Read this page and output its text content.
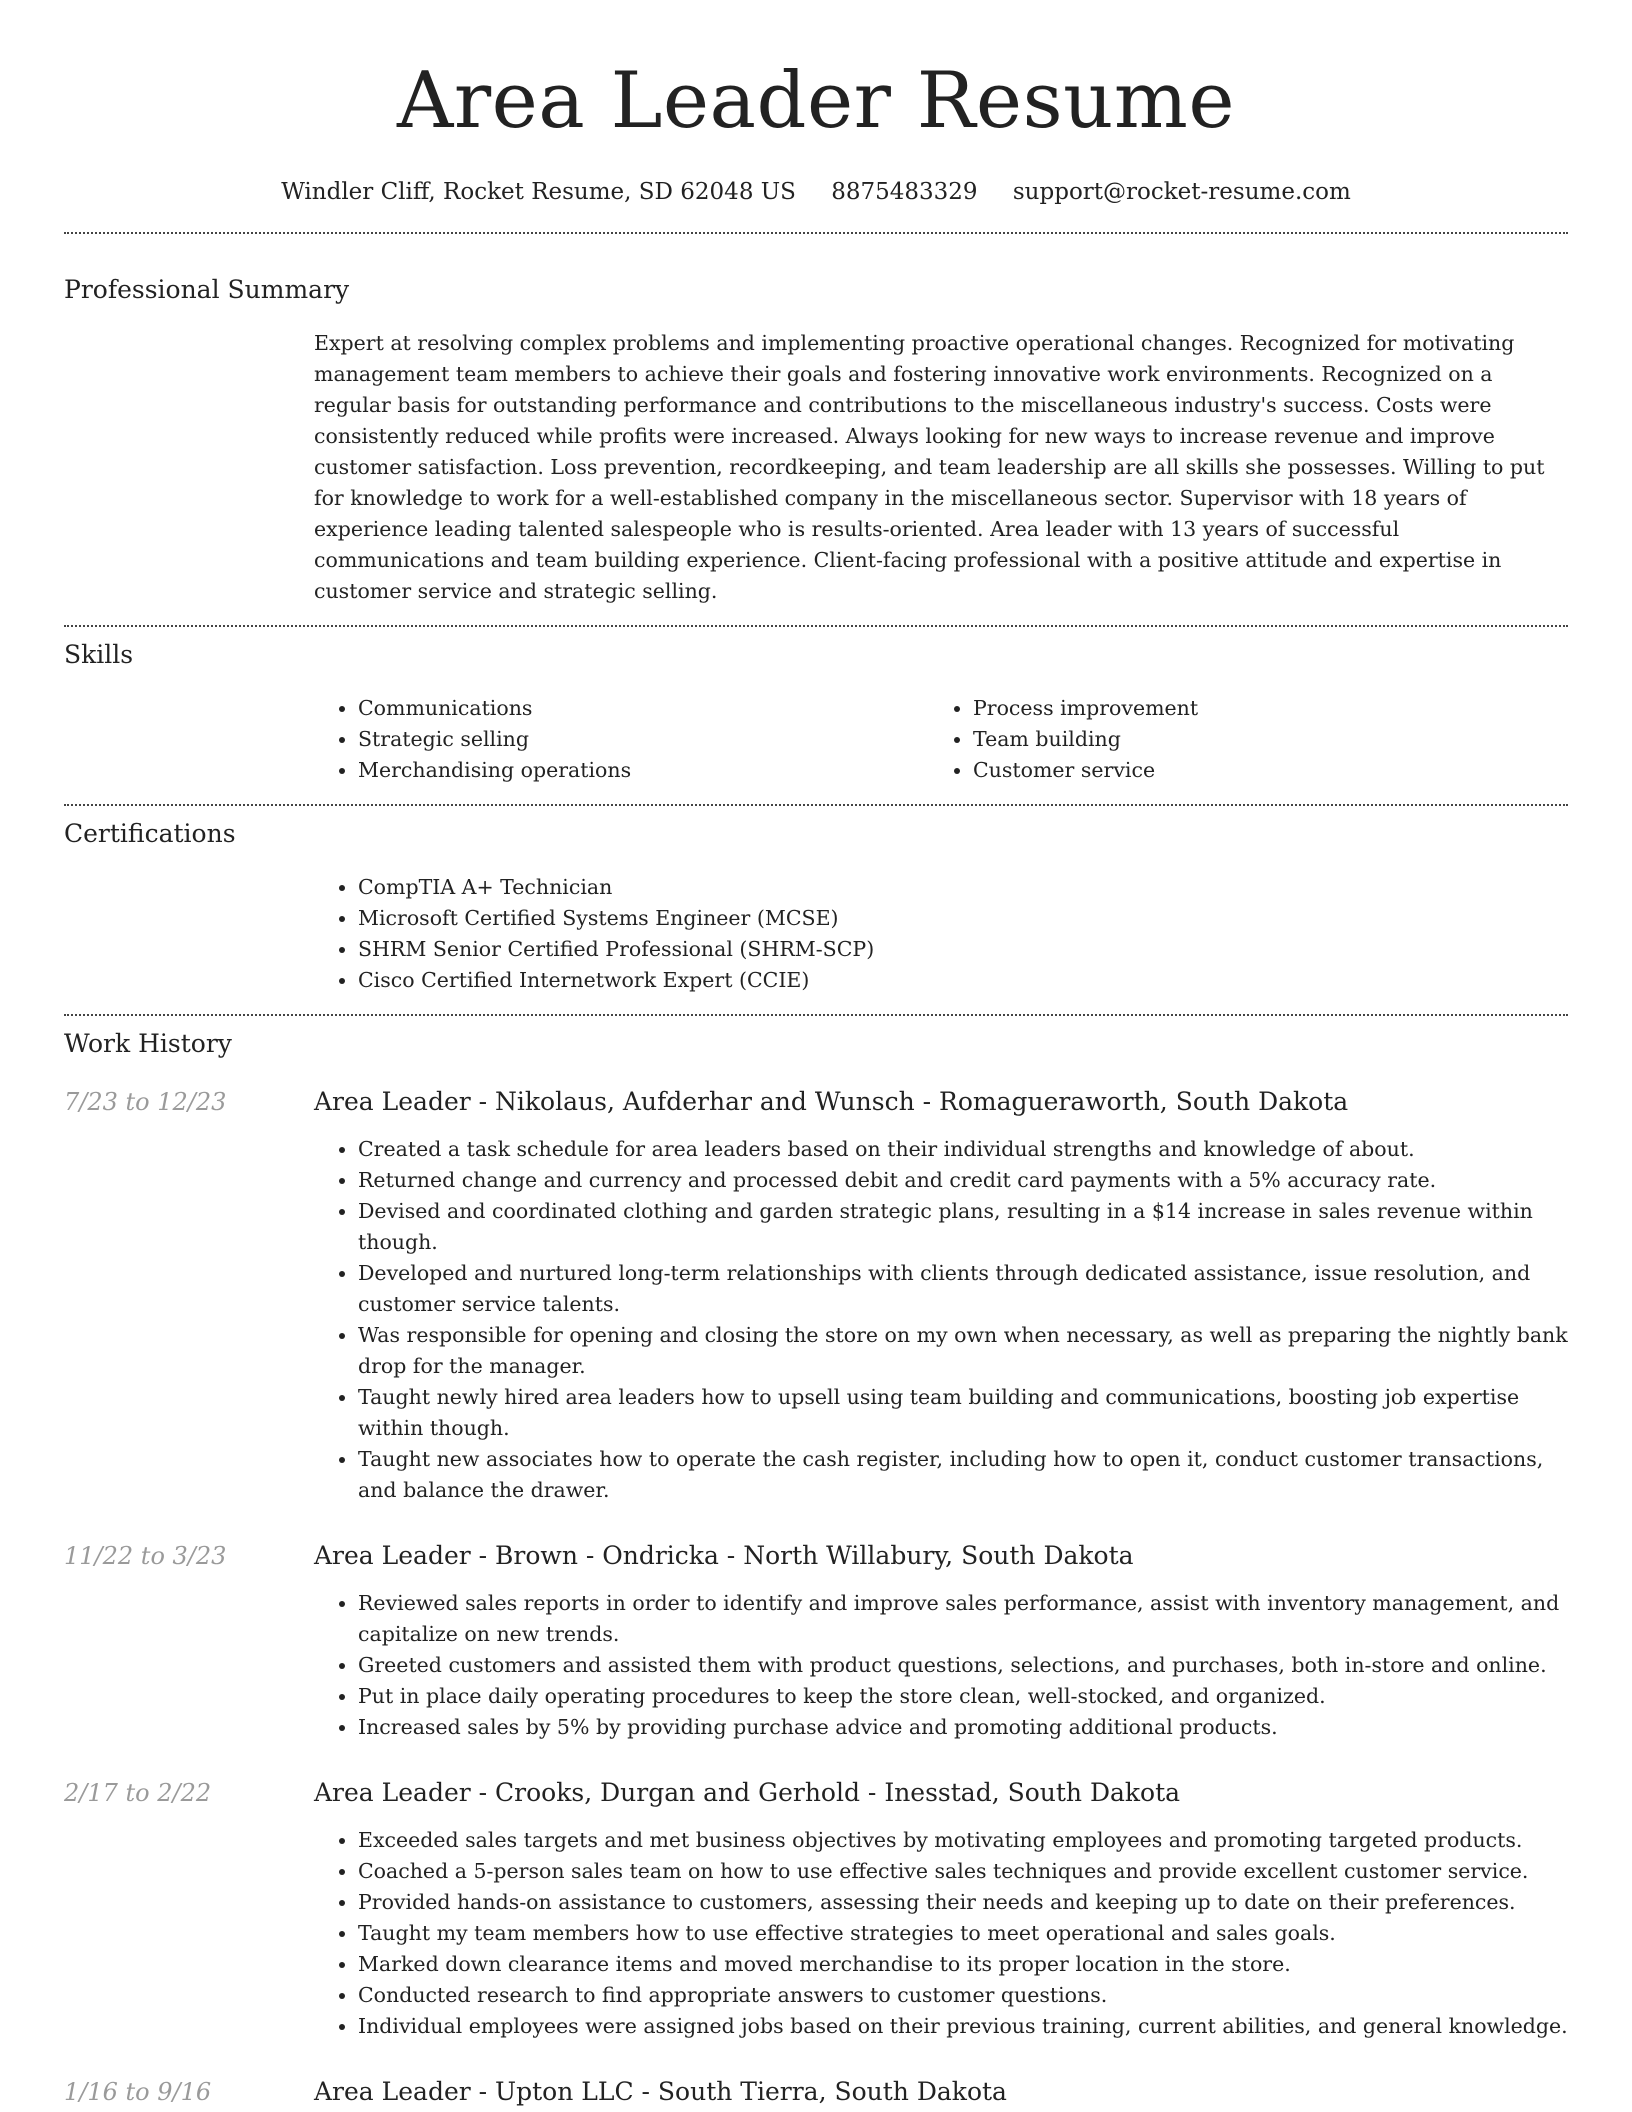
Area Leader Resume
Windler Cliff, Rocket Resume, SD 62048 US 8875483329 support@rocket-resume.com
Professional Summary

Expert at resolving complex problems and implementing proactive operational changes. Recognized for motivating management team members to achieve their goals and fostering innovative work environments. Recognized on a regular basis for outstanding performance and contributions to the miscellaneous industry's success. Costs were consistently reduced while profits were increased. Always looking for new ways to increase revenue and improve customer satisfaction. Loss prevention, recordkeeping, and team leadership are all skills she possesses. Willing to put for knowledge to work for a well-established company in the miscellaneous sector. Supervisor with 18 years of experience leading talented salespeople who is results-oriented. Area leader with 13 years of successful communications and team building experience. Client-facing professional with a positive attitude and expertise in customer service and strategic selling.

Skills
• Communications
• Strategic selling
• Merchandising operations
• Process improvement
• Team building
• Customer service
Certifications
• CompTIA A+ Technician
• Microsoft Certified Systems Engineer (MCSE)
• SHRM Senior Certified Professional (SHRM-SCP)
• Cisco Certified Internetwork Expert (CCIE)
Work History
7/23 to 12/23	Area Leader - Nikolaus, Aufderhar and Wunsch - Romagueraworth, South Dakota
• Created a task schedule for area leaders based on their individual strengths and knowledge of about.
• Returned change and currency and processed debit and credit card payments with a 5% accuracy rate.
• Devised and coordinated clothing and garden strategic plans, resulting in a $14 increase in sales revenue within though.
• Developed and nurtured long-term relationships with clients through dedicated assistance, issue resolution, and customer service talents.
• Was responsible for opening and closing the store on my own when necessary, as well as preparing the nightly bank drop for the manager.
• Taught newly hired area leaders how to upsell using team building and communications, boosting job expertise within though.
• Taught new associates how to operate the cash register, including how to open it, conduct customer transactions, and balance the drawer.
11/22 to 3/23	Area Leader - Brown - Ondricka - North Willabury, South Dakota
• Reviewed sales reports in order to identify and improve sales performance, assist with inventory management, and capitalize on new trends.
• Greeted customers and assisted them with product questions, selections, and purchases, both in-store and online.
• Put in place daily operating procedures to keep the store clean, well-stocked, and organized.
• Increased sales by 5% by providing purchase advice and promoting additional products.
2/17 to 2/22	Area Leader - Crooks, Durgan and Gerhold - Inesstad, South Dakota
• Exceeded sales targets and met business objectives by motivating employees and promoting targeted products.
• Coached a 5-person sales team on how to use effective sales techniques and provide excellent customer service.
• Provided hands-on assistance to customers, assessing their needs and keeping up to date on their preferences.
• Taught my team members how to use effective strategies to meet operational and sales goals.
• Marked down clearance items and moved merchandise to its proper location in the store.
• Conducted research to find appropriate answers to customer questions.
• Individual employees were assigned jobs based on their previous training, current abilities, and general knowledge.
1/16 to 9/16	Area Leader - Upton LLC - South Tierra, South Dakota
